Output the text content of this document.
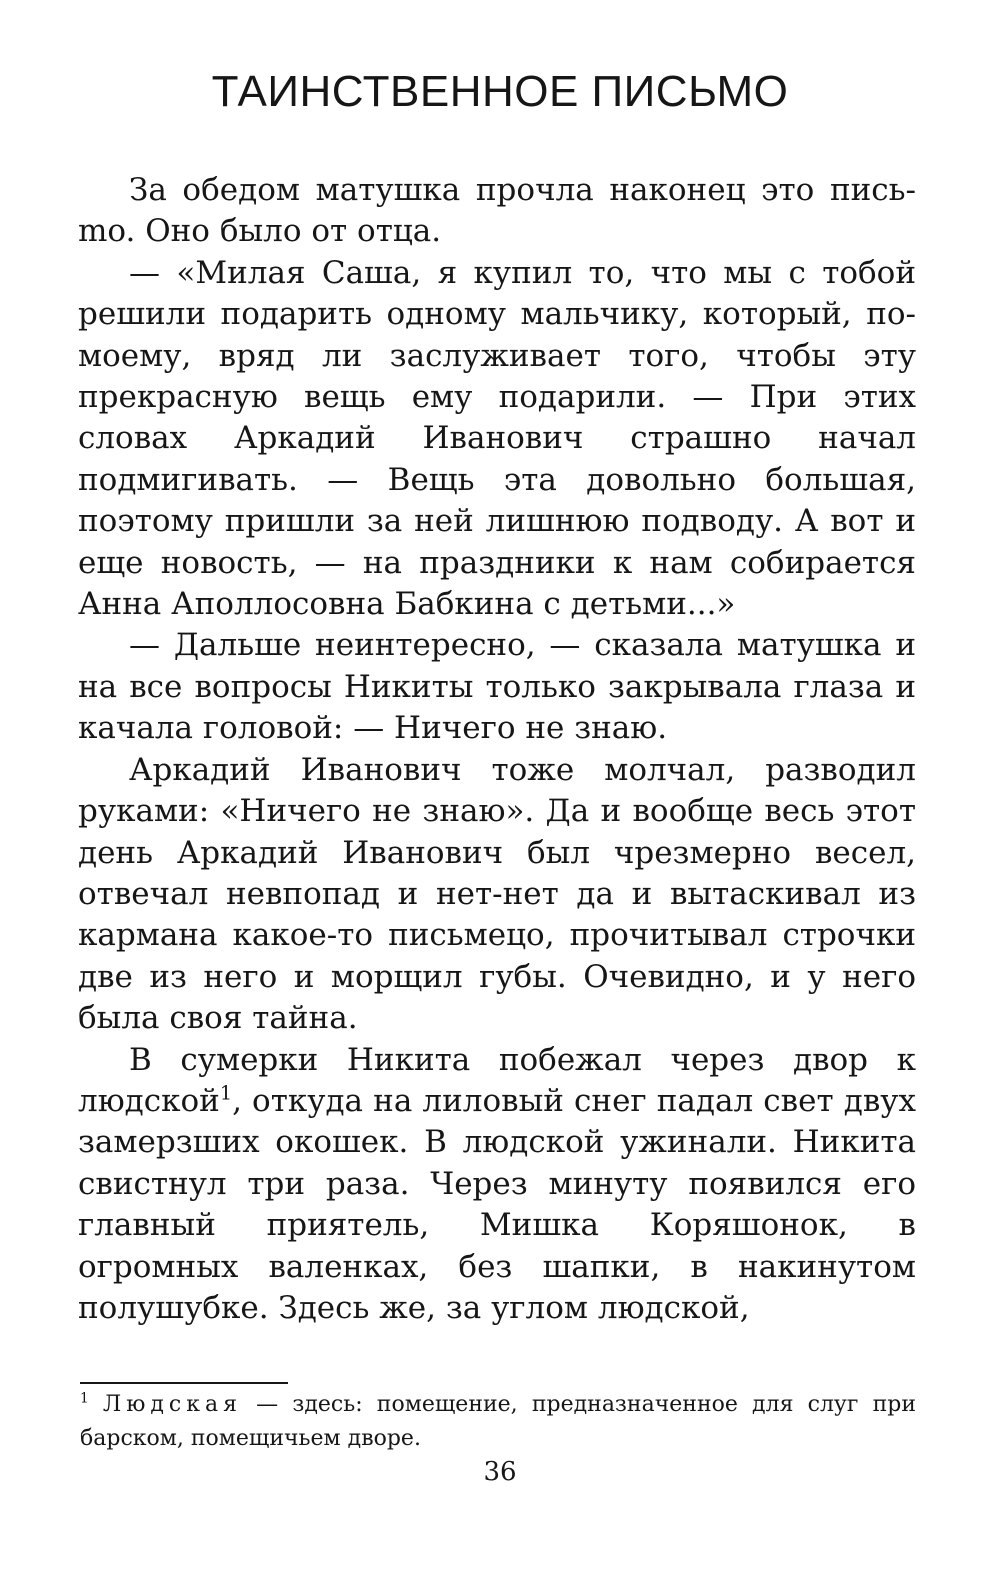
ТАИНСТВЕННОЕ ПИСЬМО

За обедом матушка прочла наконец это письmo. Оно было от отца.

— «Милая Саша, я купил то, что мы с тобой решили подарить одному мальчику, который, по-моему, вряд ли заслуживает того, чтобы эту прекрасную вещь ему подарили. — При этих словах Аркадий Иванович страшно начал подмигивать. — Вещь эта довольно большая, поэтому пришли за ней лишнюю подводу. А вот и еще новость, — на праздники к нам собирается Анна Аполлосовна Бабкина с детьми...»

— Дальше неинтересно, — сказала матушка и на все вопросы Никиты только закрывала глаза и качала головой: — Ничего не знаю.

Аркадий Иванович тоже молчал, разводил руками: «Ничего не знаю». Да и вообще весь этот день Аркадий Иванович был чрезмерно весел, отвечал невпопад и нет-нет да и вытаскивал из кармана какое-то письмецо, прочитывал строчки две из него и морщил губы. Очевидно, и у него была своя тайна.

В сумерки Никита побежал через двор к людской$^1$, откуда на лиловый снег падал свет двух замерзших окошек. В людской ужинали. Никита свистнул три раза. Через минуту появился его главный приятель, Мишка Коряшонок, в огромных валенках, без шапки, в накинутом полушубке. Здесь же, за углом людской,

$^1$ Людская — здесь: помещение, предназначенное для слуг при барском, помещичьем дворе.

36
